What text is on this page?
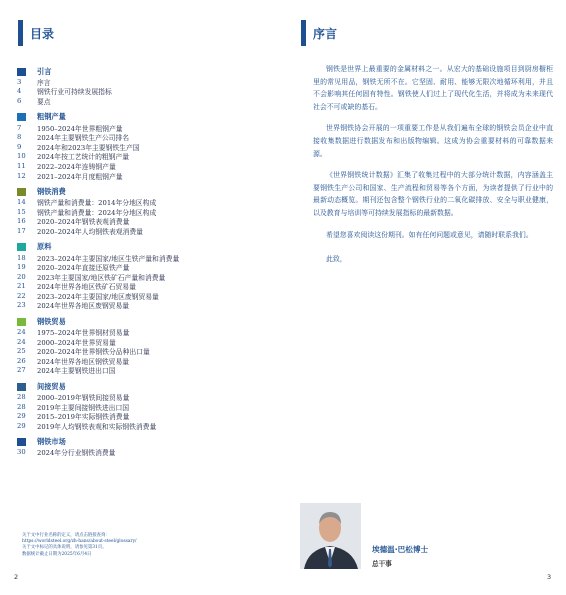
目录
引言
3	序言
4	钢铁行业可持续发展指标
6	要点
粗钢产量
7	1950–2024年世界粗钢产量
8	2024年主要钢铁生产公司排名
9	2024年和2023年主要钢铁生产国
10	2024年按工艺统计的粗钢产量
11	2022–2024年连铸钢产量
12	2021–2024年月度粗钢产量
钢铁消费
14	钢铁产量和消费量：2014年分地区构成
15	钢铁产量和消费量：2024年分地区构成
16	2020–2024年钢铁表观消费量
17	2020–2024年人均钢铁表观消费量
原料
18	2023–2024年主要国家/地区生铁产量和消费量
19	2020–2024年直接还原铁产量
20	2023年主要国家/地区铁矿石产量和消费量
21	2024年世界各地区铁矿石贸易量
22	2023–2024年主要国家/地区废钢贸易量
23	2024年世界各地区废钢贸易量
钢铁贸易
24	1975–2024年世界钢材贸易量
24	2000–2024年世界贸易量
25	2020–2024年世界钢铁分品种出口量
26	2024年世界各地区钢铁贸易量
27	2024年主要钢铁进出口国
间接贸易
28	2000–2019年钢铁间接贸易量
28	2019年主要间接钢铁进出口国
29	2015–2019年实际钢铁消费量
29	2019年人均钢铁表观和实际钢铁消费量
钢铁市场
30	2024年分行业钢铁消费量
关于文中行业名称的定义，请点击链接查询：
https://worldsteel.org/zh-hans/about-steel/glossary/
关于文中标记的具体说明，请参见第31页。
数据统计截止日期为2025年6月4日
2
序言

钢铁是世界上最重要的金属材料之一。从宏大的基础设施项目到厨房橱柜里的常见用品，钢铁无所不在。它坚固、耐用、能够无限次地循环利用，并且不会影响其任何固有特性。钢铁使人们过上了现代化生活，并将成为未来现代社会不可或缺的基石。

世界钢铁协会开展的一项重要工作是从我们遍布全球的钢铁会员企业中直接收集数据进行数据发布和出版物编辑。这成为协会重要材料的可靠数据来源。

《世界钢铁统计数据》汇集了收集过程中的大部分统计数据，内容涵盖主要钢铁生产公司和国家、生产流程和贸易等各个方面，为读者提供了行业中的最新动态概览。期刊还包含整个钢铁行业的二氧化碳排放、安全与职业健康，以及教育与培训等可持续发展指标的最新数据。

希望您喜欢阅读这份期刊。如有任何问题或意见，请随时联系我们。

此致，
埃德温·巴松博士
总干事
3
